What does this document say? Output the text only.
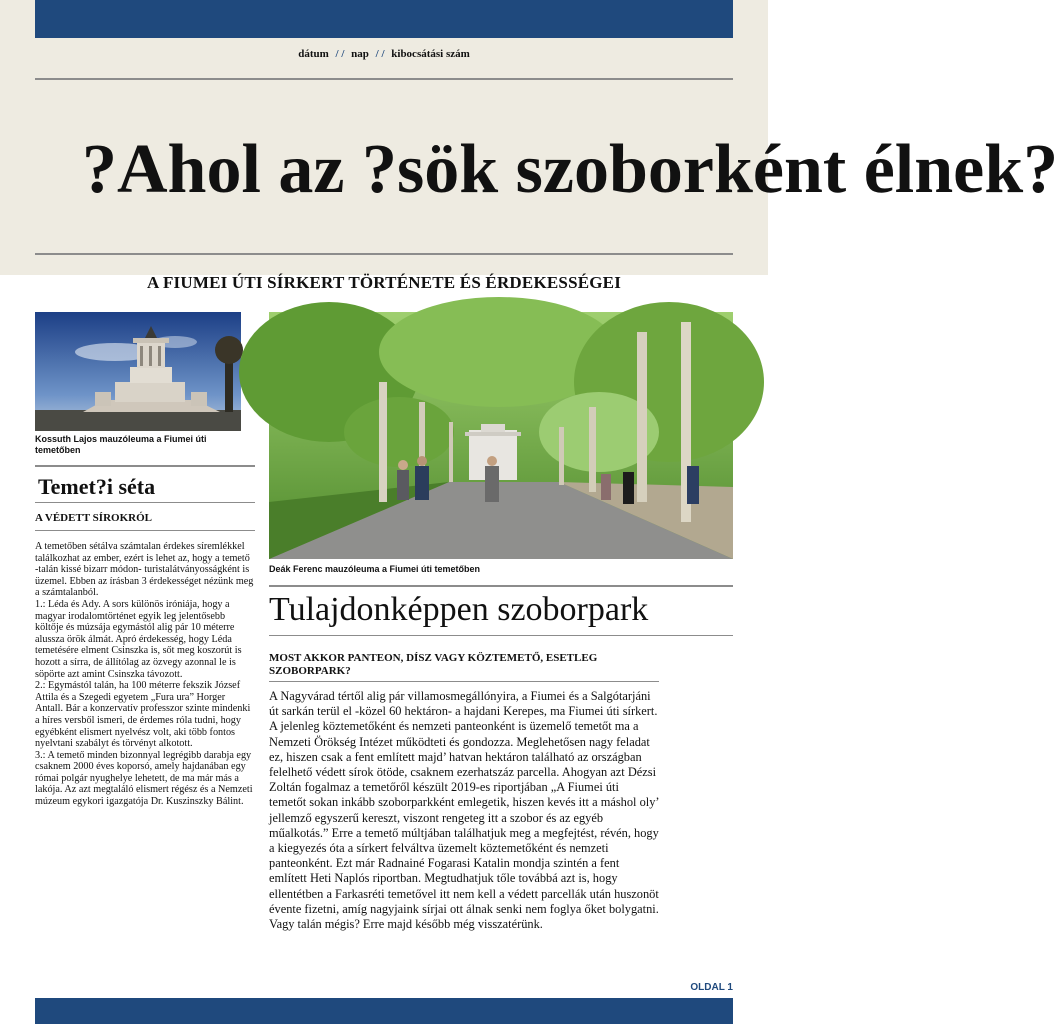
dátum / / nap / / kibocsátási szám
?Ahol az ?sök szoborként élnek?
A FIUMEI ÚTI SÍRKERT TÖRTÉNETE ÉS ÉRDEKESSÉGEI
Kossuth Lajos mauzóleuma a Fiumei úti temetőben
Temet?i séta
A VÉDETT SÍROKRÓL

A temetőben sétálva számtalan érdekes síremlékkel találkozhat az ember, ezért is lehet az, hogy a temető -talán kissé bizarr módon- turistalátványosságként is üzemel. Ebben az írásban 3 érdekességet nézünk meg a számtalanból.

1.: Léda és Ady. A sors különös iróniája, hogy a magyar irodalomtörténet egyik leg jelentősebb költője és múzsája egymástól alig pár 10 méterre alussza örök álmát. Apró érdekesség, hogy Léda temetésére elment Csinszka is, sőt meg koszorút is hozott a sírra, de állítólag az özvegy azonnal le is söpörte azt amint Csinszka távozott.

2.: Egymástól talán, ha 100 méterre fekszik József Attila és a Szegedi egyetem „Fura ura” Horger Antall. Bár a konzervatív professzor szinte mindenki a híres versből ismeri, de érdemes róla tudni, hogy egyébként elismert nyelvész volt, aki több fontos nyelvtani szabályt és törvényt alkotott.

3.: A temető minden bizonnyal legrégibb darabja egy csaknem 2000 éves koporsó, amely hajdanában egy római polgár nyughelye lehetett, de ma már más a lakója. Az azt megtaláló elismert régész és a Nemzeti múzeum egykori igazgatója Dr. Kuszinszky Bálint.

Deák Ferenc mauzóleuma a Fiumei úti temetőben
Tulajdonképpen szoborpark
MOST AKKOR PANTEON, DÍSZ VAGY KÖZTEMETŐ, ESETLEG SZOBORPARK?
A Nagyvárad tértől alig pár villamosmegállónyira, a Fiumei és a Salgótarjáni út sarkán terül el -közel 60 hektáron- a hajdani Kerepes, ma Fiumei úti sírkert. A jelenleg köztemetőként és nemzeti panteonként is üzemelő temetőt ma a Nemzeti Örökség Intézet működteti és gondozza. Meglehetősen nagy feladat ez, hiszen csak a fent említett majd’ hatvan hektáron található az országban felelhető védett sírok ötöde, csaknem ezerhatszáz parcella. Ahogyan azt Dézsi Zoltán fogalmaz a temetőről készült 2019-es riportjában „A Fiumei úti temetőt sokan inkább szoborparkként emlegetik, hiszen kevés itt a máshol oly’ jellemző egyszerű kereszt, viszont rengeteg itt a szobor és az egyéb műalkotás.” Erre a temető múltjában találhatjuk meg a megfejtést, révén, hogy a kiegyezés óta a sírkert felváltva üzemelt köztemetőként és nemzeti panteonként. Ezt már Radnainé Fogarasi Katalin mondja szintén a fent említett Heti Naplós riportban. Megtudhatjuk tőle továbbá azt is, hogy ellentétben a Farkasréti temetővel itt nem kell a védett parcellák után huszonöt évente fizetni, amíg nagyjaink sírjai ott álnak senki nem foglya őket bolygatni. Vagy talán mégis? Erre majd később még visszatérünk.
OLDAL 1
